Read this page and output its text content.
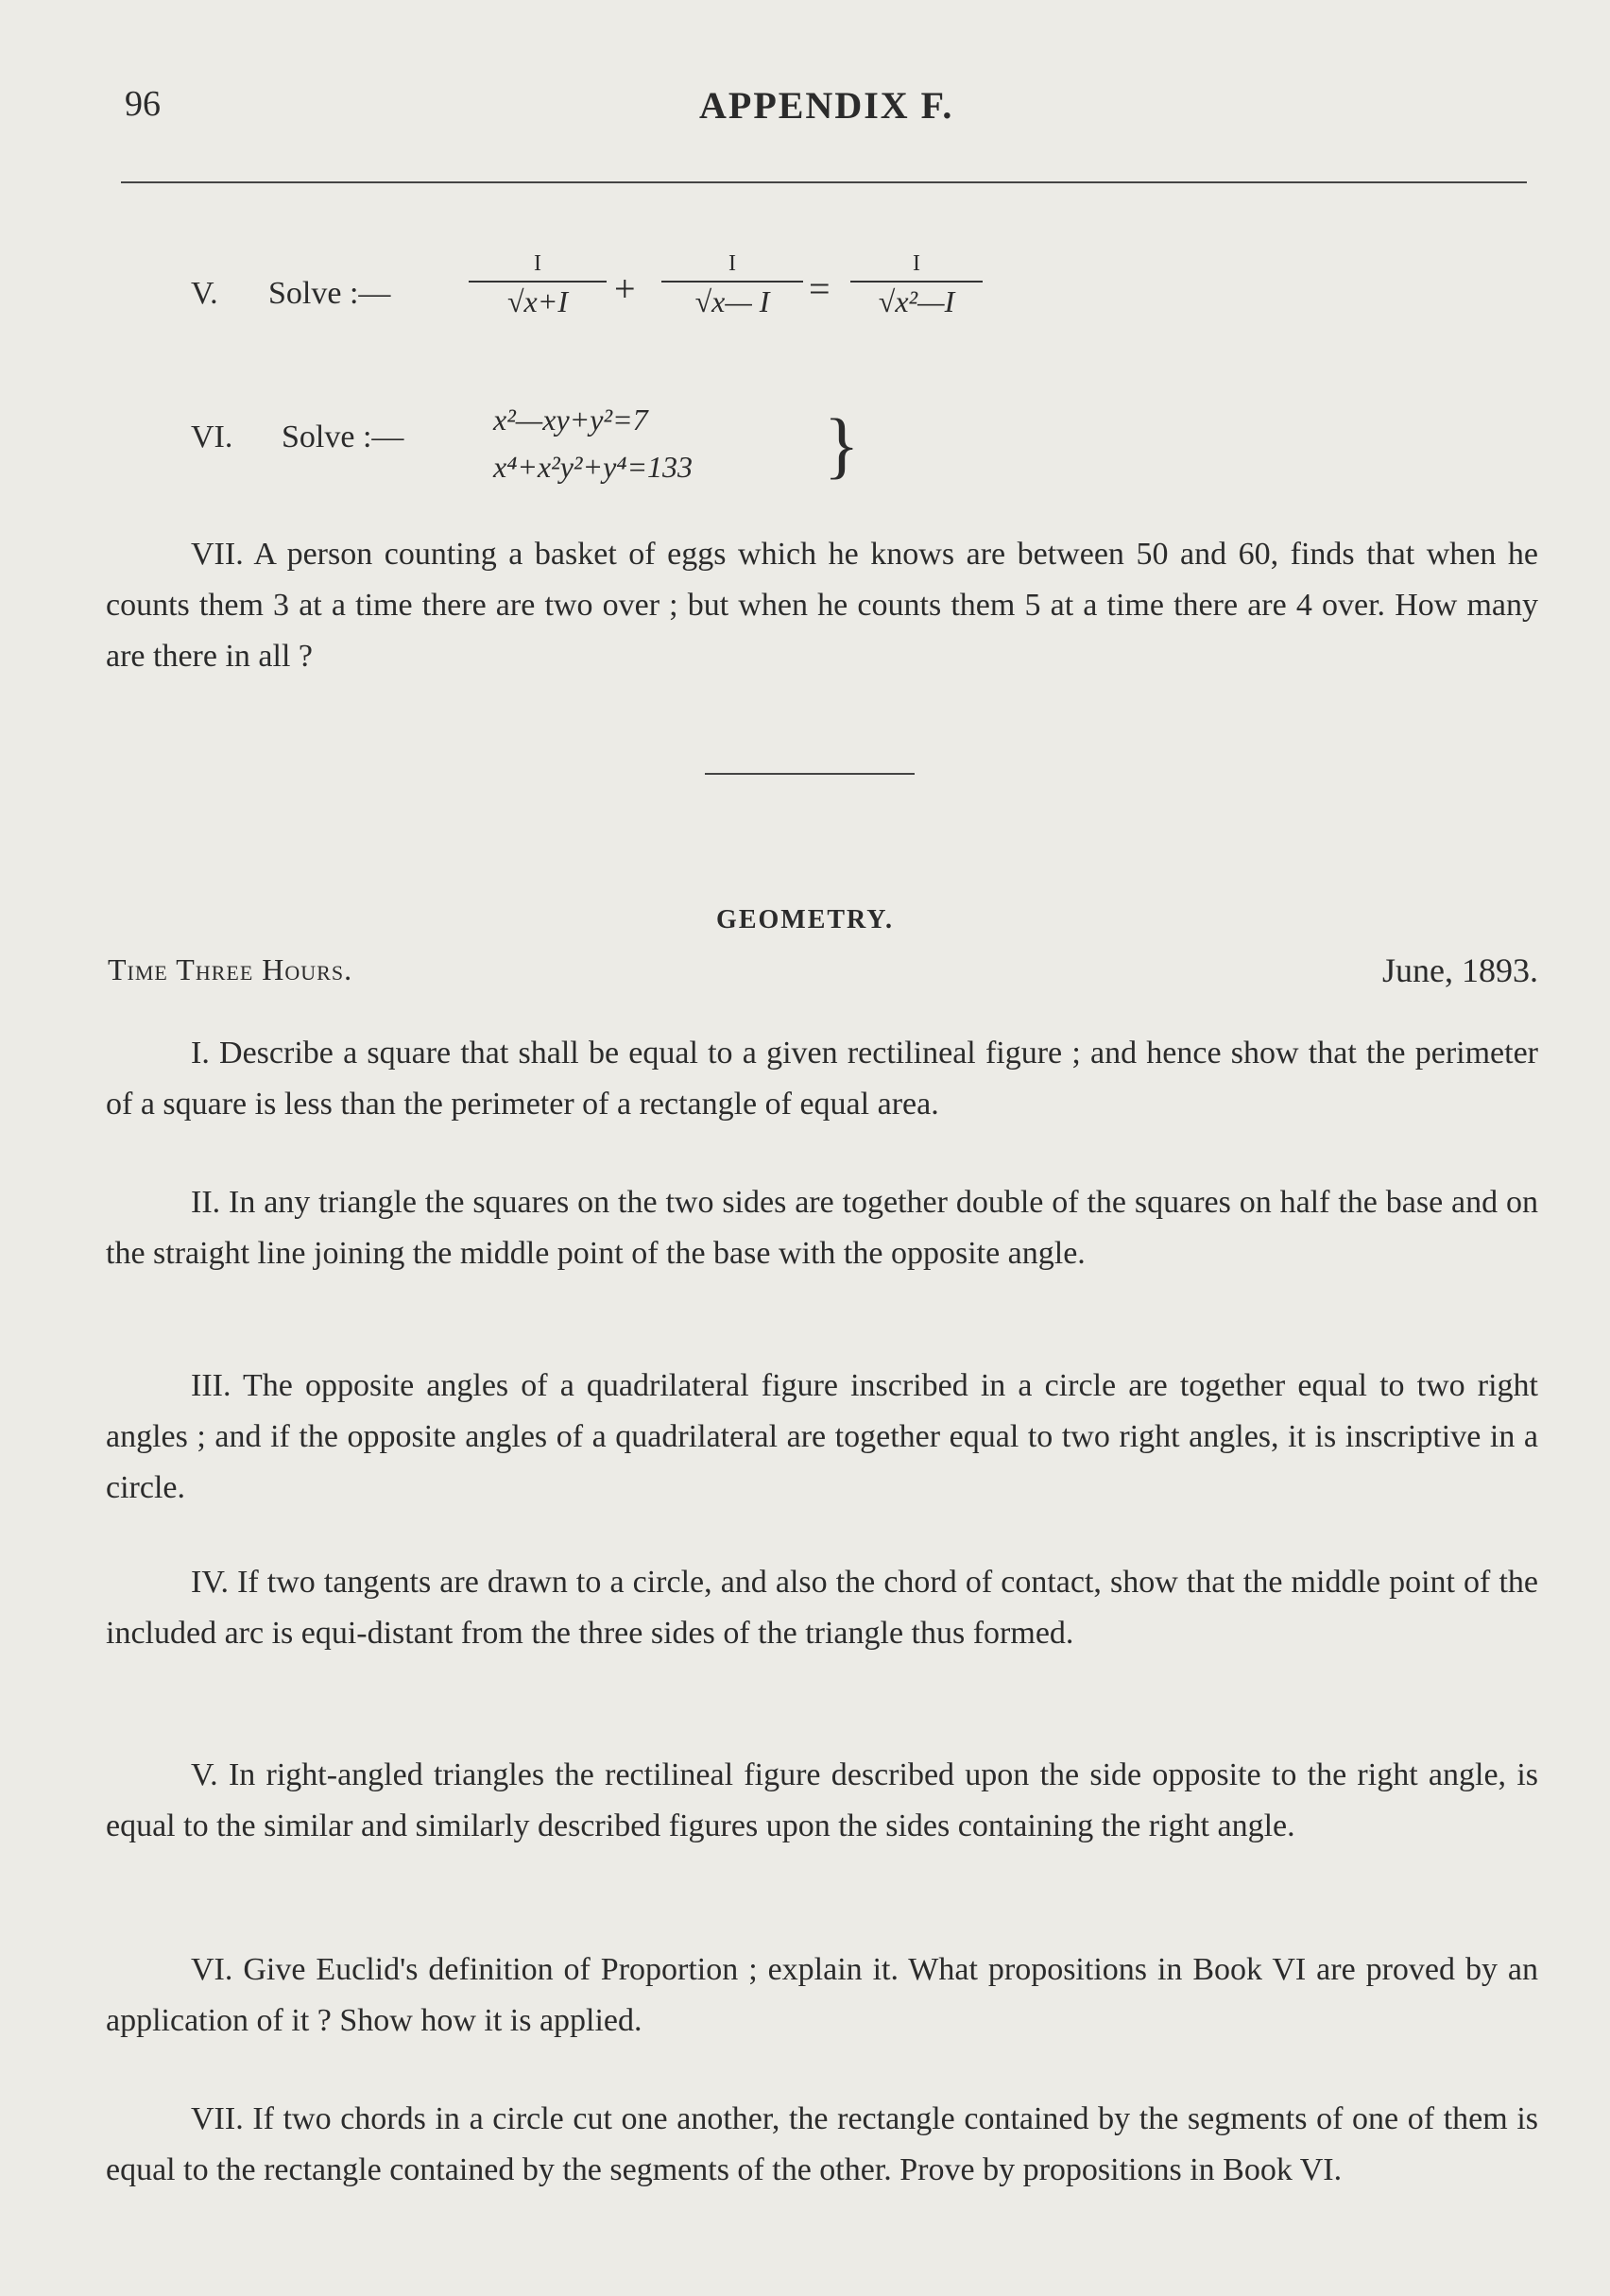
96	APPENDIX F.
V. Solve :—
I
√x+I	+
I
√x— I	=
I
√x²—I
VI. Solve :—	x²—xy+y²=7
x⁴+x²y²+y⁴=133 }

VII. A person counting a basket of eggs which he knows are between 50 and 60, finds that when he counts them 3 at a time there are two over ; but when he counts them 5 at a time there are 4 over. How many are there in all ?

GEOMETRY.
Time Three Hours.	June, 1893.

I. Describe a square that shall be equal to a given rectilineal figure ; and hence show that the perimeter of a square is less than the perimeter of a rectangle of equal area.

II. In any triangle the squares on the two sides are together double of the squares on half the base and on the straight line joining the middle point of the base with the opposite angle.

III. The opposite angles of a quadrilateral figure inscribed in a circle are together equal to two right angles ; and if the opposite angles of a quadrilateral are together equal to two right angles, it is inscriptive in a circle.

IV. If two tangents are drawn to a circle, and also the chord of contact, show that the middle point of the included arc is equi-distant from the three sides of the triangle thus formed.

V. In right-angled triangles the rectilineal figure described upon the side opposite to the right angle, is equal to the similar and similarly described figures upon the sides containing the right angle.

VI. Give Euclid's definition of Proportion ; explain it. What propositions in Book VI are proved by an application of it ? Show how it is applied.

VII. If two chords in a circle cut one another, the rectangle contained by the segments of one of them is equal to the rectangle contained by the segments of the other. Prove by propositions in Book VI.
